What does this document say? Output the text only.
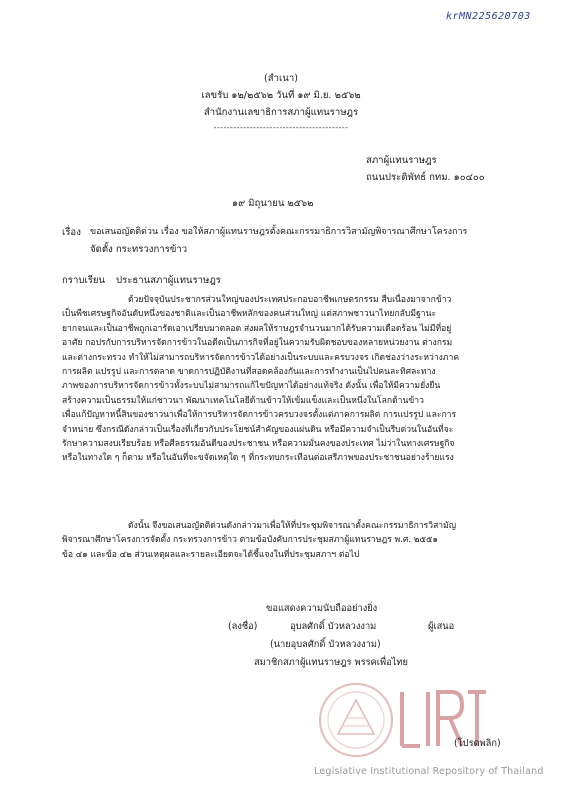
krMN225620703
(สำเนา)
เลขรับ ๑๒/๒๕๖๒ วันที่ ๑๙ มิ.ย. ๒๕๖๒
สำนักงานเลขาธิการสภาผู้แทนราษฎร
-----------------------------------------
สภาผู้แทนราษฎร
ถนนประดิพัทธ์ กทม. ๑๐๔๐๐
๑๙ มิถุนายน ๒๕๖๒
เรื่อง ขอเสนอญัตติด่วน เรื่อง ขอให้สภาผู้แทนราษฎรตั้งคณะกรรมาธิการวิสามัญพิจารณาศึกษาโครงการ
จัดตั้ง กระทรวงการข้าว
กราบเรียน ประธานสภาผู้แทนราษฎร
ด้วยปัจจุบันประชากรส่วนใหญ่ของประเทศประกอบอาชีพเกษตรกรรม สืบเนื่องมาจากข้าว
เป็นพืชเศรษฐกิจอันดับหนึ่งของชาติและเป็นอาชีพหลักของคนส่วนใหญ่ แต่สภาพชาวนาไทยกลับมีฐานะ
ยากจนและเป็นอาชีพถูกเอารัดเอาเปรียบมาตลอด ส่งผลให้ราษฎรจำนวนมากได้รับความเดือดร้อน ไม่มีที่อยู่
อาศัย กอปรกับการบริหารจัดการข้าวในอดีตเป็นภารกิจที่อยู่ในความรับผิดชอบของหลายหน่วยงาน ต่างกรม
และต่างกระทรวง ทำให้ไม่สามารถบริหารจัดการข้าวได้อย่างเป็นระบบและครบวงจร เกิดช่องว่างระหว่างภาค
การผลิต แปรรูป และการตลาด ขาดการปฏิบัติงานที่สอดคล้องกันและการทำงานเป็นไปคนละทิศละทาง
ภาพของการบริหารจัดการข้าวทั้งระบบไม่สามารถแก้ไขปัญหาได้อย่างแท้จริง ดังนั้น เพื่อให้มีความยั่งยืน
สร้างความเป็นธรรมให้แก่ชาวนา พัฒนาเทคโนโลยีด้านข้าวให้เข้มแข็งและเป็นหนึ่งในโลกด้านข้าว
เพื่อแก้ปัญหาหนี้สินของชาวนาเพื่อให้การบริหารจัดการข้าวครบวงจรตั้งแต่ภาคการผลิต การแปรรูป และการ
จำหน่าย ซึ่งกรณีดังกล่าวเป็นเรื่องที่เกี่ยวกับประโยชน์สำคัญของแผ่นดิน หรือมีความจำเป็นรีบด่วนในอันที่จะ
รักษาความสงบเรียบร้อย หรือศีลธรรมอันดีของประชาชน หรือความมั่นคงของประเทศ ไม่ว่าในทางเศรษฐกิจ
หรือในทางใด ๆ ก็ตาม หรือในอันที่จะขจัดเหตุใด ๆ ที่กระทบกระเทือนต่อเสรีภาพของประชาชนอย่างร้ายแรง
ดังนั้น จึงขอเสนอญัตติด่วนดังกล่าวมาเพื่อให้ที่ประชุมพิจารณาตั้งคณะกรรมาธิการวิสามัญ
พิจารณาศึกษาโครงการจัดตั้ง กระทรวงการข้าว ตามข้อบังคับการประชุมสภาผู้แทนราษฎร พ.ศ. ๒๕๕๑
ข้อ ๔๑ และข้อ ๔๒ ส่วนเหตุผลและรายละเอียดจะได้ชี้แจงในที่ประชุมสภาฯ ต่อไป
ขอแสดงความนับถืออย่างยิ่ง
(ลงชื่อ)	อุบลศักดิ์ บัวหลวงงาม	ผู้เสนอ
(นายอุบลศักดิ์ บัวหลวงงาม)
สมาชิกสภาผู้แทนราษฎร พรรคเพื่อไทย
(โปรดพลิก)
Legislative Institutional Repository of Thailand
